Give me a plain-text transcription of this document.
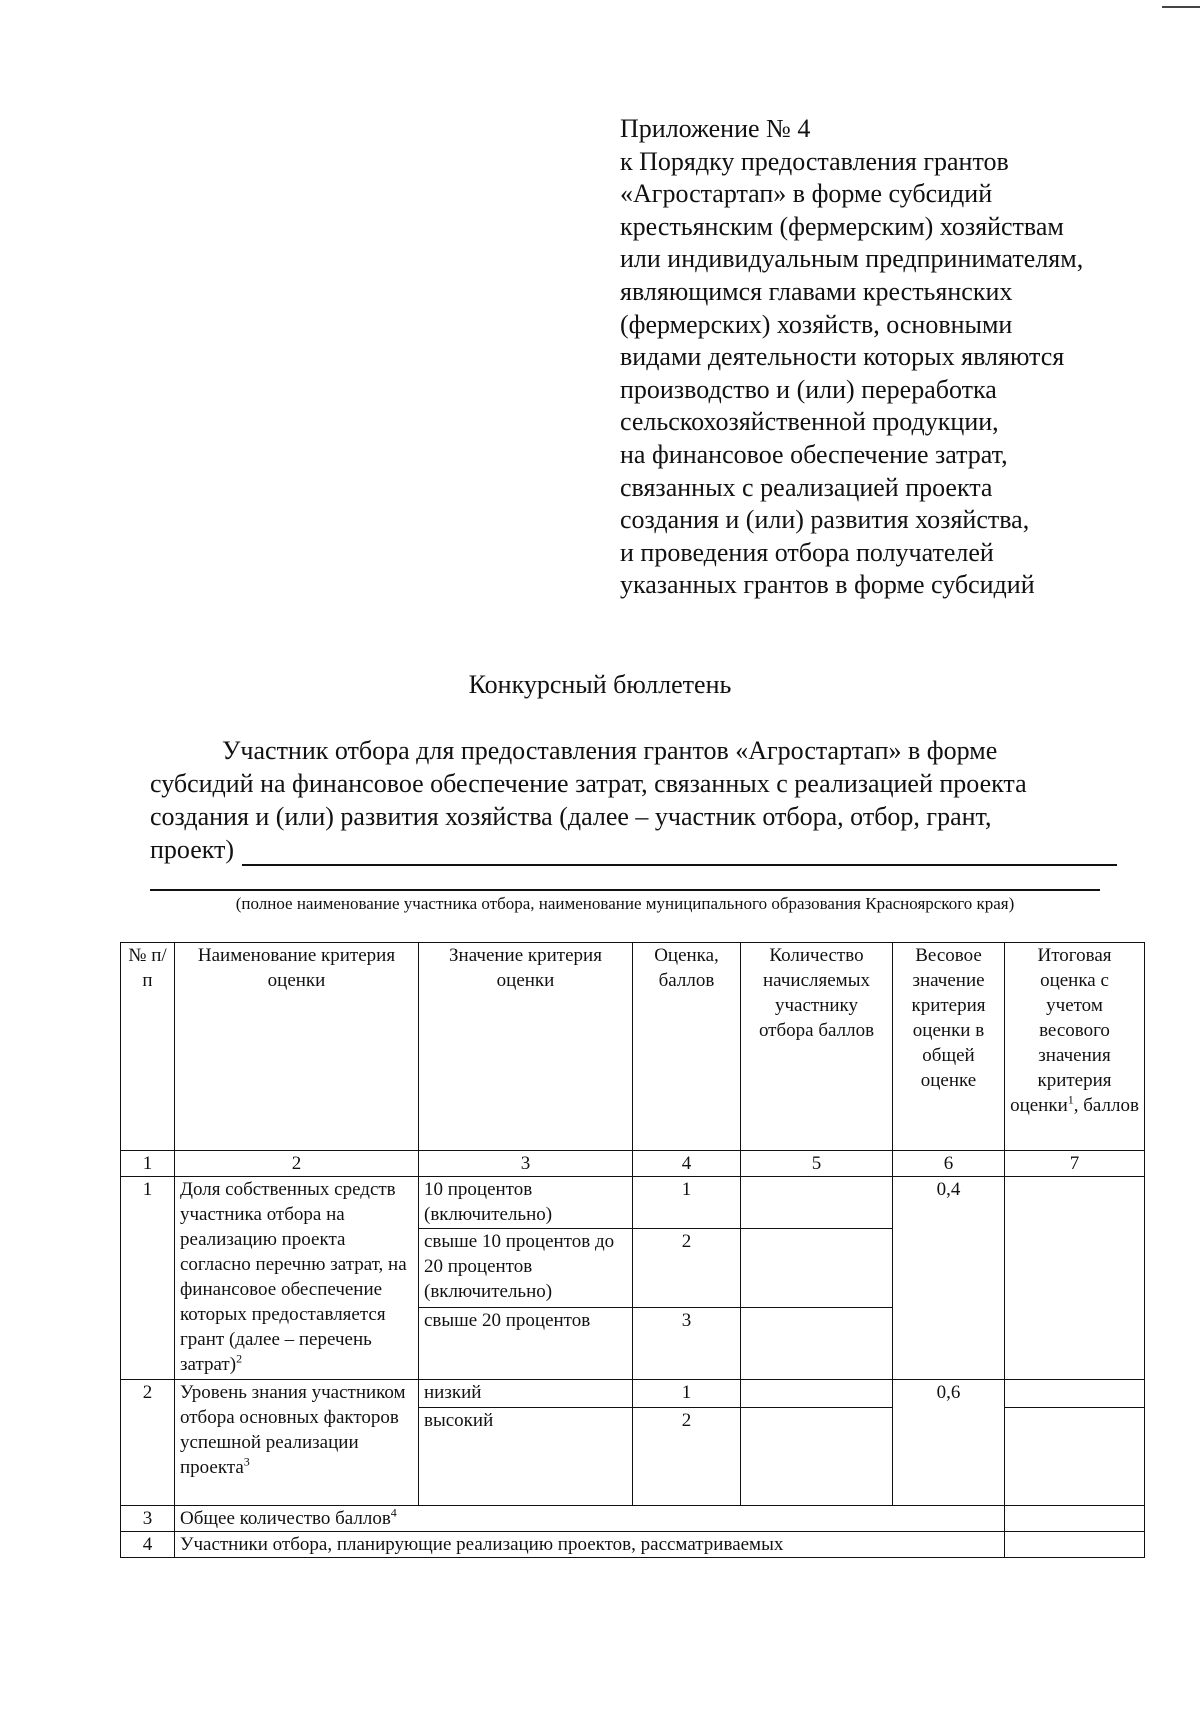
Приложение № 4
к Порядку предоставления грантов
«Агростартап» в форме субсидий
крестьянским (фермерским) хозяйствам
или индивидуальным предпринимателям,
являющимся главами крестьянских
(фермерских) хозяйств, основными
видами деятельности которых являются
производство и (или) переработка
сельскохозяйственной продукции,
на финансовое обеспечение затрат,
связанных с реализацией проекта
создания и (или) развития хозяйства,
и проведения отбора получателей
указанных грантов в форме субсидий
Конкурсный бюллетень
Участник отбора для предоставления грантов «Агростартап» в форме
субсидий на финансовое обеспечение затрат, связанных с реализацией проекта
создания и (или) развития хозяйства (далее – участник отбора, отбор, грант,
проект)
(полное наименование участника отбора, наименование муниципального образования Красноярского края)
№ п/п	Наименование критерия оценки	Значение критерия оценки	Оценка, баллов	Количество начисляемых участнику отбора баллов	Весовое значение критерия оценки в общей оценке	Итоговая оценка с учетом весового значения критерия оценки$^1$, баллов
1	2	3	4	5	6	7
1	Доля собственных средств участника отбора на реализацию проекта согласно перечню затрат, на финансовое обеспечение которых предоставляется грант (далее – перечень затрат)$^2$	10 процентов (включительно)	1		0,4	
		свыше 10 процентов до 20 процентов (включительно)	2			
		свыше 20 процентов	3			
2	Уровень знания участником отбора основных факторов успешной реализации проекта$^3$	низкий	1		0,6	
		высокий	2			
3	Общее количество баллов$^4$	
4	Участники отбора, планирующие реализацию проектов, рассматриваемых					
